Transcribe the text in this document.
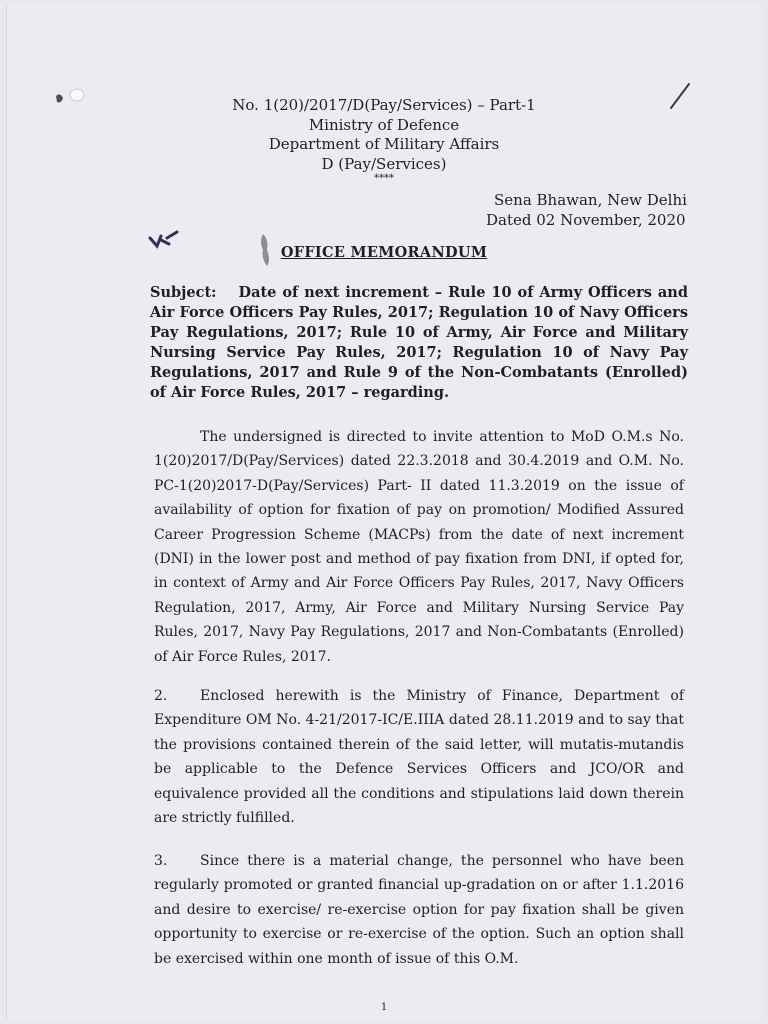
No. 1(20)/2017/D(Pay/Services) – Part-1
Ministry of Defence
Department of Military Affairs
D (Pay/Services)
****
Sena Bhawan, New Delhi
Dated 02 November, 2020
OFFICE MEMORANDUM
Subject: Date of next increment – Rule 10 of Army Officers and Air Force Officers Pay Rules, 2017; Regulation 10 of Navy Officers Pay Regulations, 2017; Rule 10 of Army, Air Force and Military Nursing Service Pay Rules, 2017; Regulation 10 of Navy Pay Regulations, 2017 and Rule 9 of the Non-Combatants (Enrolled) of Air Force Rules, 2017 – regarding.
The undersigned is directed to invite attention to MoD O.M.s No. 1(20)2017/D(Pay/Services) dated 22.3.2018 and 30.4.2019 and O.M. No. PC-1(20)2017-D(Pay/Services) Part- II dated 11.3.2019 on the issue of availability of option for fixation of pay on promotion/ Modified Assured Career Progression Scheme (MACPs) from the date of next increment (DNI) in the lower post and method of pay fixation from DNI, if opted for, in context of Army and Air Force Officers Pay Rules, 2017, Navy Officers Regulation, 2017, Army, Air Force and Military Nursing Service Pay Rules, 2017, Navy Pay Regulations, 2017 and Non-Combatants (Enrolled) of Air Force Rules, 2017.
2. Enclosed herewith is the Ministry of Finance, Department of Expenditure OM No. 4-21/2017-IC/E.IIIA dated 28.11.2019 and to say that the provisions contained therein of the said letter, will mutatis-mutandis be applicable to the Defence Services Officers and JCO/OR and equivalence provided all the conditions and stipulations laid down therein are strictly fulfilled.
3. Since there is a material change, the personnel who have been regularly promoted or granted financial up-gradation on or after 1.1.2016 and desire to exercise/ re-exercise option for pay fixation shall be given opportunity to exercise or re-exercise of the option. Such an option shall be exercised within one month of issue of this O.M.
1
